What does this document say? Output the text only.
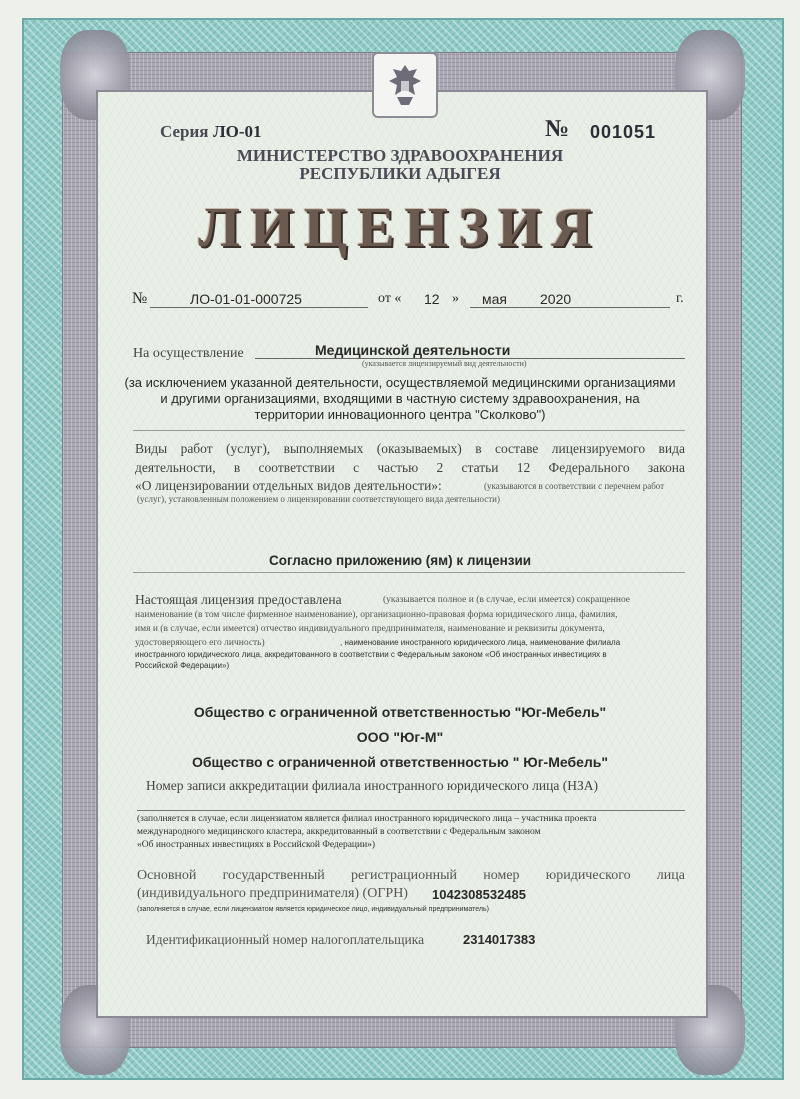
Серия ЛО-01	№ 001051
МИНИСТЕРСТВО ЗДРАВООХРАНЕНИЯ
РЕСПУБЛИКИ АДЫГЕЯ
ЛИЦЕНЗИЯ
№	ЛО-01-01-000725	от « 12 » мая 2020	г.
На осуществление	Медицинской деятельности
(указывается лицензируемый вид деятельности)
(за исключением указанной деятельности, осуществляемой медицинскими организациями
и другими организациями, входящими в частную систему здравоохранения, на
территории инновационного центра "Сколково")
Виды работ (услуг), выполняемых (оказываемых) в составе лицензируемого вида
деятельности, в соответствии с частью 2 статьи 12 Федерального закона
«О лицензировании отдельных видов деятельности»:	(указываются в соответствии с перечнем работ
(услуг), установленным положением о лицензировании соответствующего вида деятельности)
Согласно приложению (ям) к лицензии
Настоящая лицензия предоставлена	(указывается полное и (в случае, если имеется) сокращенное
наименование (в том числе фирменное наименование), организационно-правовая форма юридического лица, фамилия,
имя и (в случае, если имеется) отчество индивидуального предпринимателя, наименование и реквизиты документа,
удостоверяющего его личность)	, наименование иностранного юридического лица, наименование филиала
иностранного юридического лица, аккредитованного в соответствии с Федеральным законом «Об иностранных инвестициях в
Российской Федерации»)
Общество с ограниченной ответственностью "Юг-Мебель"
ООО "Юг-М"
Общество с ограниченной ответственностью " Юг-Мебель"
Номер записи аккредитации филиала иностранного юридического лица (НЗА)
(заполняется в случае, если лицензиатом является филиал иностранного юридического лица – участника проекта
международного медицинского кластера, аккредитованный в соответствии с Федеральным законом
«Об иностранных инвестициях в Российской Федерации»)
Основной государственный регистрационный номер юридического лица
(индивидуального предпринимателя) (ОГРН) 1042308532485
(заполняется в случае, если лицензиатом является юридическое лицо, индивидуальный предприниматель)
Идентификационный номер налогоплательщика	2314017383
